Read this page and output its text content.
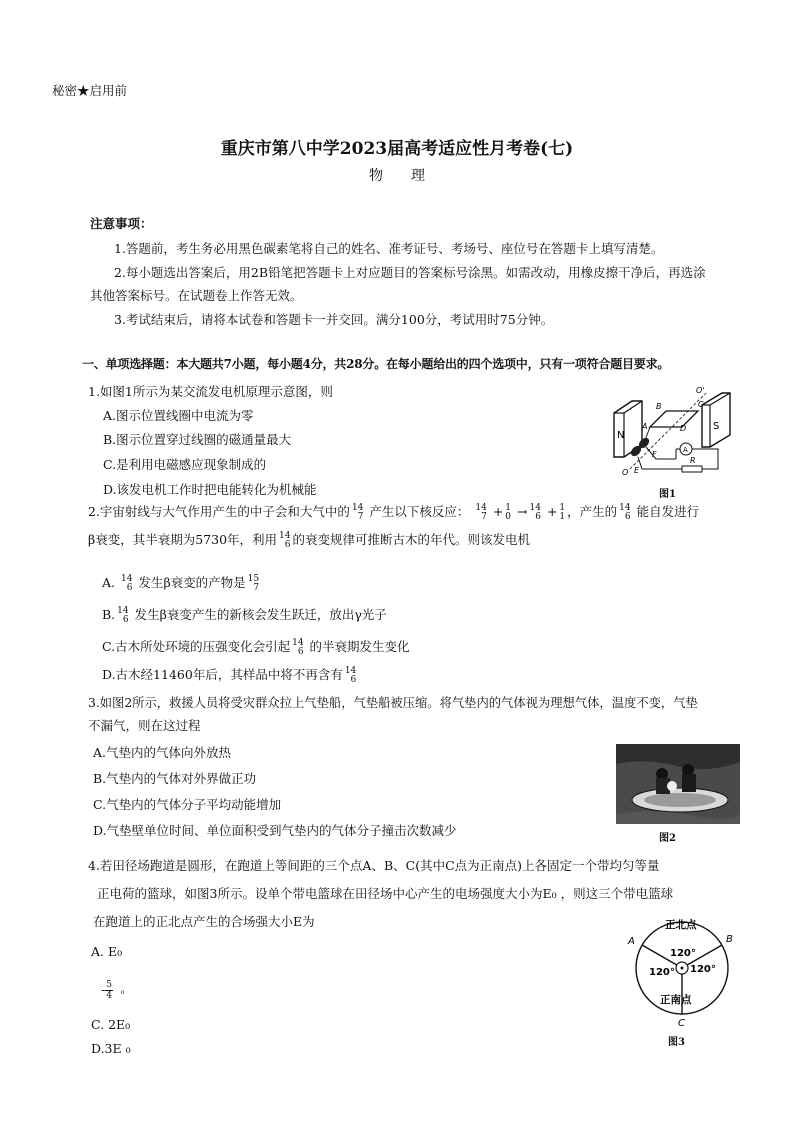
秘密★启用前
重庆市第八中学2023届高考适应性月考卷(七)
物　　理
注意事项：
1.答题前，考生务必用黑色碳素笔将自己的姓名、准考证号、考场号、座位号在答题卡上填写清楚。
2.每小题选出答案后，用2B铅笔把答题卡上对应题目的答案标号涂黑。如需改动，用橡皮擦干净后，再选涂
其他答案标号。在试题卷上作答无效。
3.考试结束后，请将本试卷和答题卡一并交回。满分100分，考试用时75分钟。
一、单项选择题：本大题共7小题，每小题4分，共28分。在每小题给出的四个选项中，只有一项符合题目要求。
1.如图1所示为某交流发电机原理示意图，则
A.图示位置线圈中电流为零
B.图示位置穿过线圈的磁通量最大
C.是利用电磁感应现象制成的
D.该发电机工作时把电能转化为机械能
N
S
A
R
O'
B	C
A	D
F
E
O
图1
2.宇宙射线与大气作用产生的中子会和大气中的 14
7 产生以下核反应： 14
7 + 1
0 → 14
6 + 1
1 ，产生的 14
6 能自发进行
β衰变，其半衰期为5730年，利用 14
6 的衰变规律可推断古木的年代。则该发电机
A. 14
6 发生β衰变的产物是 15
7
B. 14
6 发生β衰变产生的新核会发生跃迁，放出γ光子
C.古木所处环境的压强变化会引起 14
6 的半衰期发生变化
D.古木经11460年后，其样品中将不再含有 14
6
3.如图2所示，救援人员将受灾群众拉上气垫船，气垫船被压缩。将气垫内的气体视为理想气体，温度不变，气垫
不漏气，则在这过程
A.气垫内的气体向外放热
B.气垫内的气体对外界做正功
C.气垫内的气体分子平均动能增加
D.气垫壁单位时间、单位面积受到气垫内的气体分子撞击次数减少
图2
4.若田径场跑道是圆形，在跑道上等间距的三个点A、B、C(其中C点为正南点)上各固定一个带均匀等量
正电荷的篮球，如图3所示。设单个带电篮球在田径场中心产生的电场强度大小为E₀ ，则这三个带电篮球
在跑道上的正北点产生的合场强大小E为
A. E₀
- $\frac{5}{4} _0$
C. 2E₀
D.3E ₀
正北点
120°
120° 120°
正南点
A	B
C
图3
